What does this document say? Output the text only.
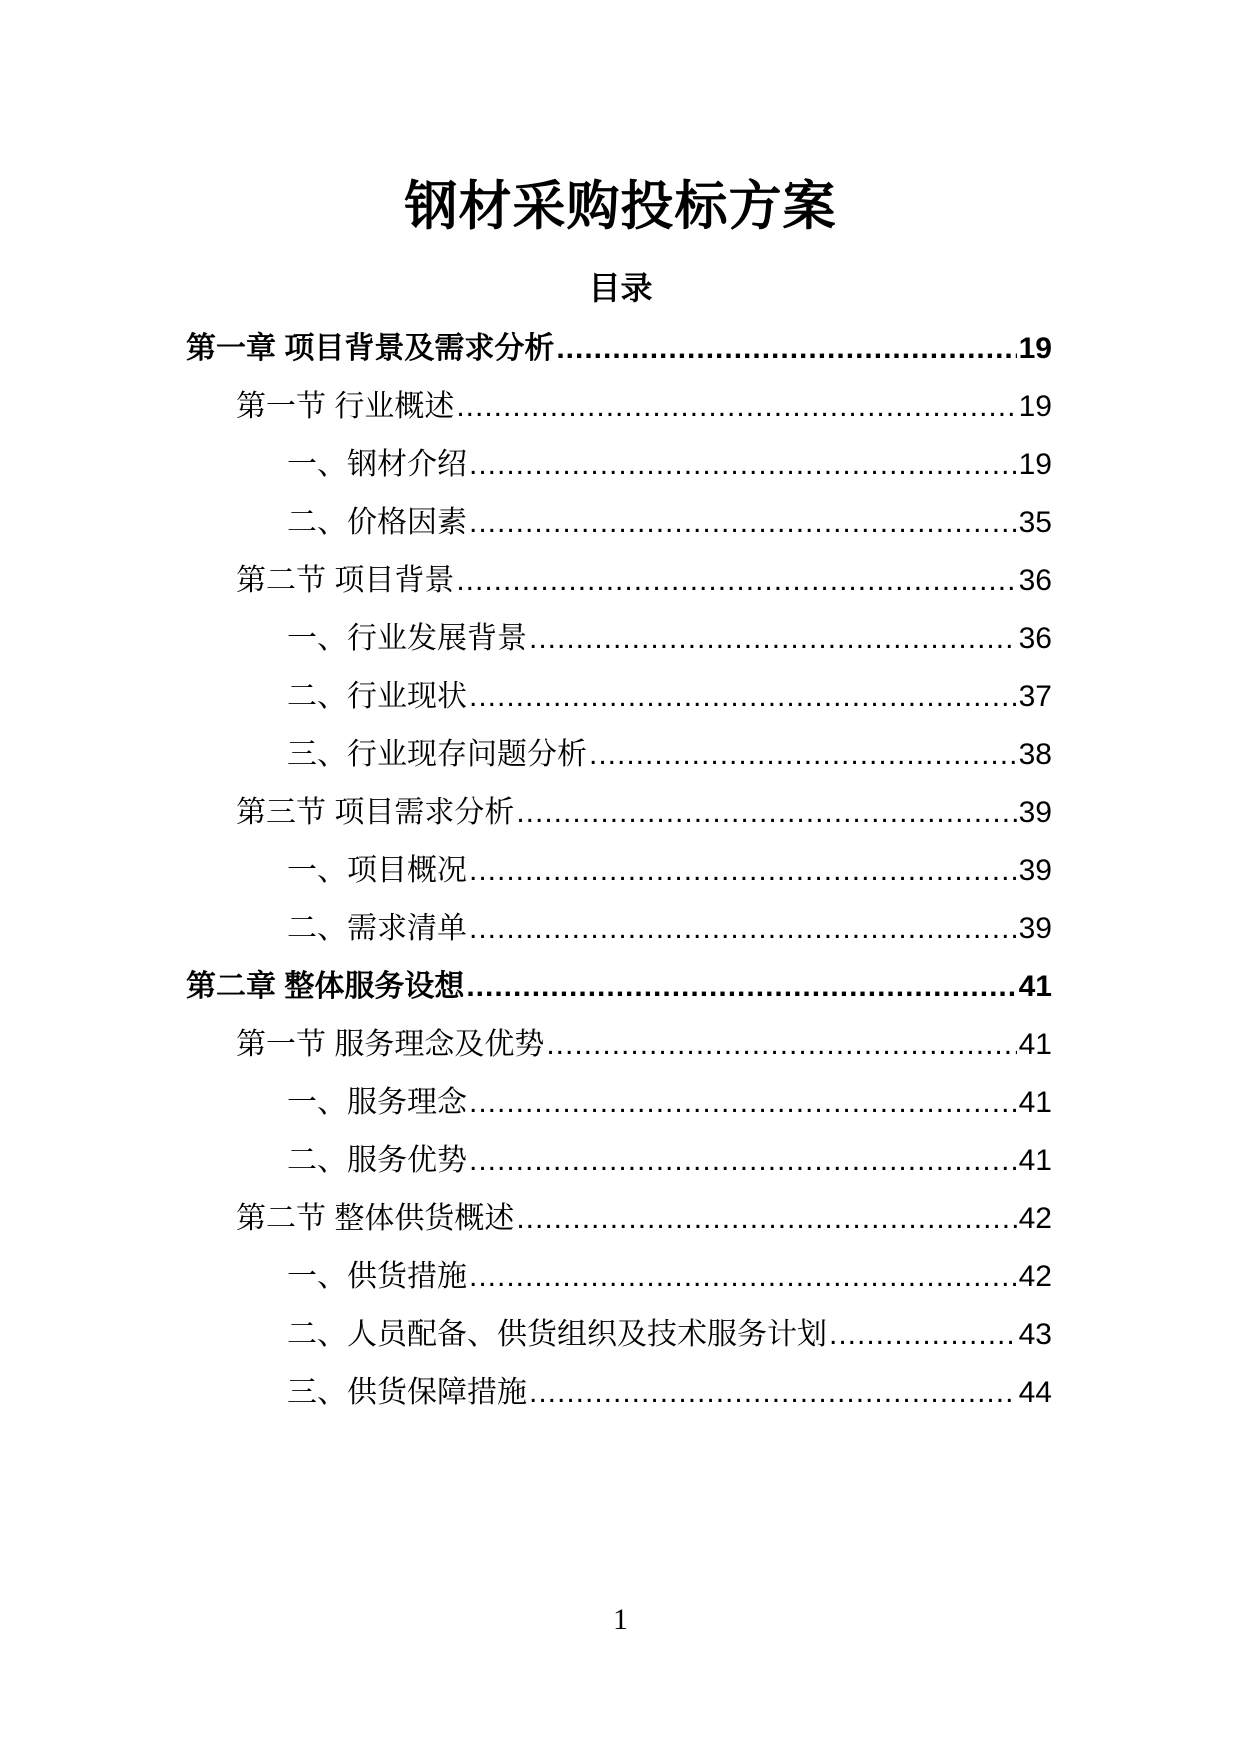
钢材采购投标方案
目录
第一章 项目背景及需求分析 .....	19
第一节 行业概述 .....	19
一、钢材介绍 .....	19
二、价格因素 .....	35
第二节 项目背景 .....	36
一、行业发展背景 .....	36
二、行业现状 .....	37
三、行业现存问题分析 .....	38
第三节 项目需求分析 .....	39
一、项目概况 .....	39
二、需求清单 .....	39
第二章 整体服务设想 .....	41
第一节 服务理念及优势 .....	41
一、服务理念 .....	41
二、服务优势 .....	41
第二节 整体供货概述 .....	42
一、供货措施 .....	42
二、人员配备、供货组织及技术服务计划 .....	43
三、供货保障措施 .....	44
1
